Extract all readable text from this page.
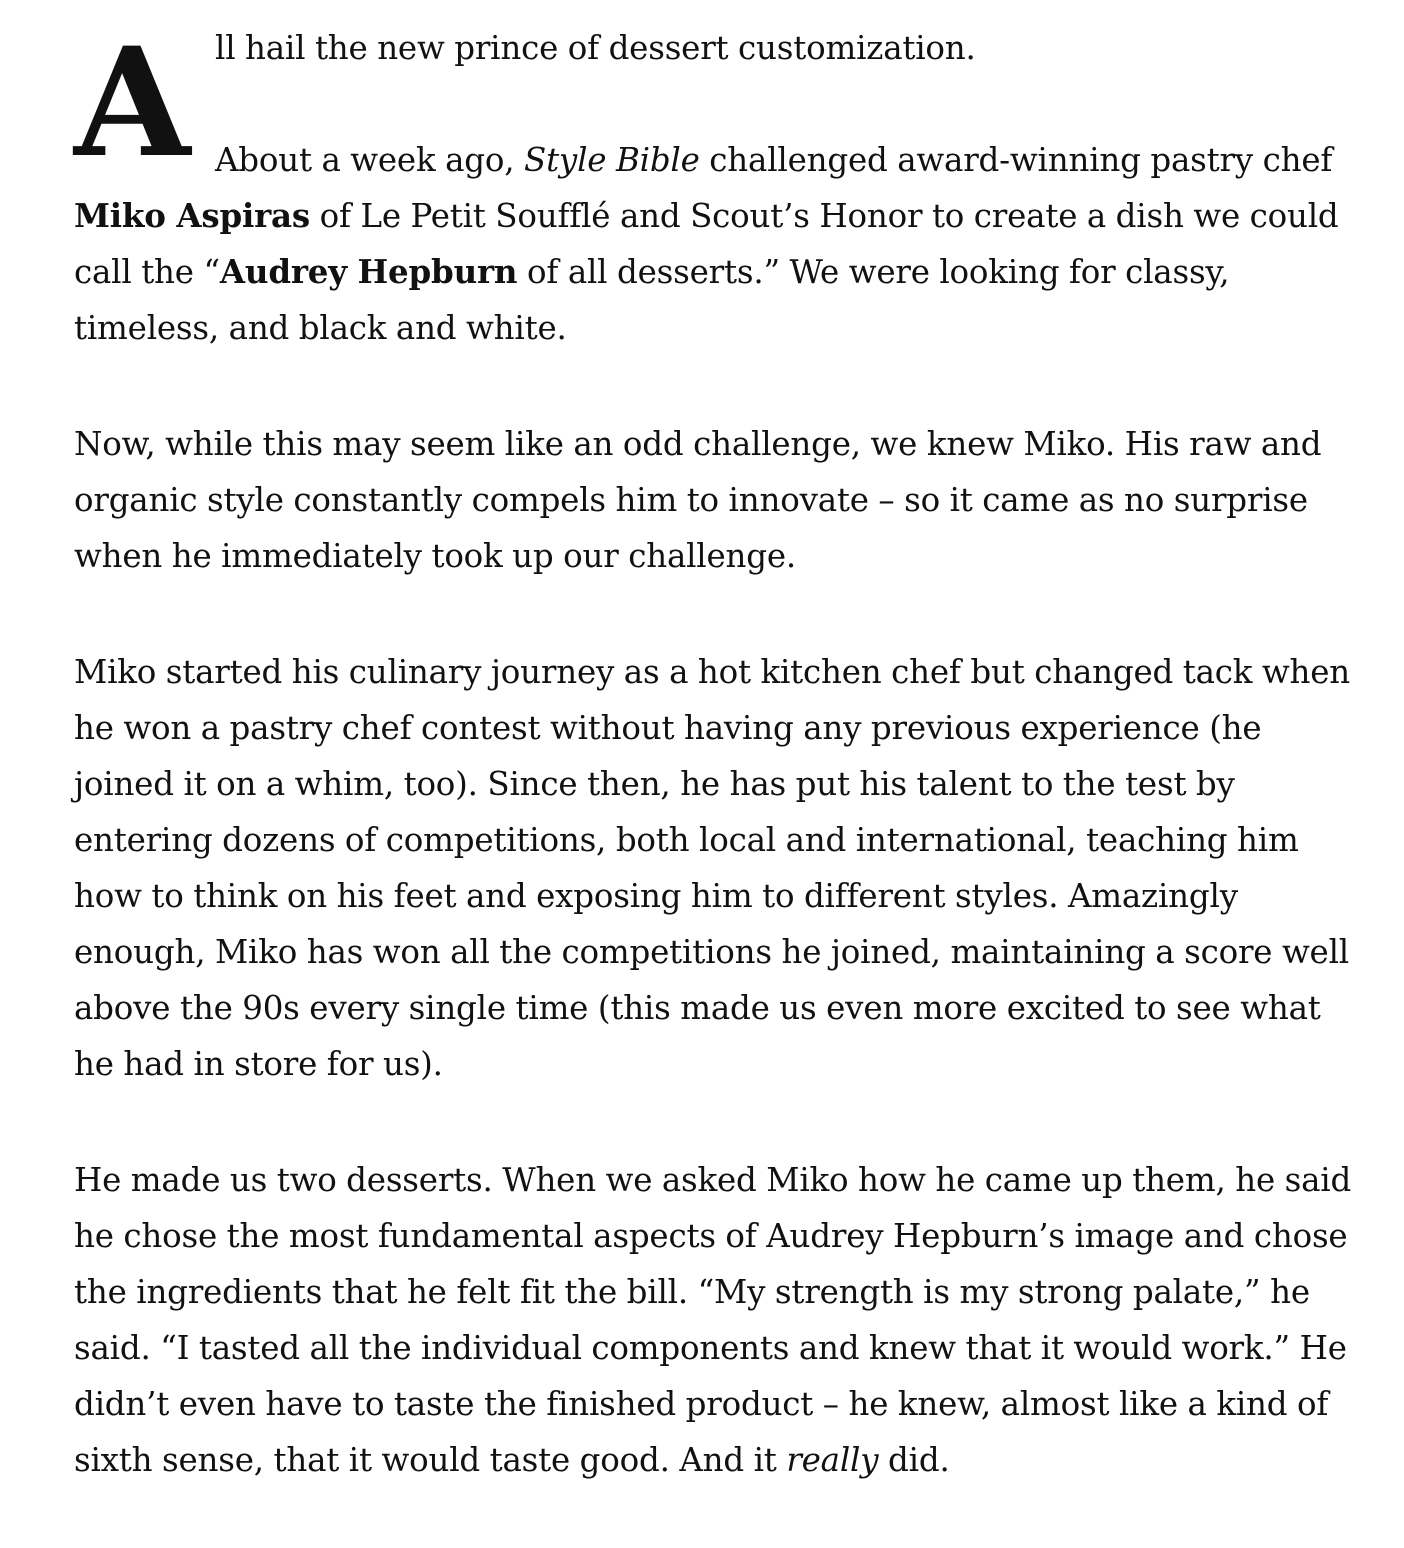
A ll hail the new prince of dessert customization.

About a week ago, Style Bible challenged award-winning pastry chef Miko Aspiras of Le Petit Soufflé and Scout’s Honor to create a dish we could call the “Audrey Hepburn of all desserts.” We were looking for classy, timeless, and black and white.

Now, while this may seem like an odd challenge, we knew Miko. His raw and organic style constantly compels him to innovate – so it came as no surprise when he immediately took up our challenge.

Miko started his culinary journey as a hot kitchen chef but changed tack when he won a pastry chef contest without having any previous experience (he joined it on a whim, too). Since then, he has put his talent to the test by entering dozens of competitions, both local and international, teaching him how to think on his feet and exposing him to different styles. Amazingly enough, Miko has won all the competitions he joined, maintaining a score well above the 90s every single time (this made us even more excited to see what he had in store for us).

He made us two desserts. When we asked Miko how he came up them, he said he chose the most fundamental aspects of Audrey Hepburn’s image and chose the ingredients that he felt fit the bill. “My strength is my strong palate,” he said. “I tasted all the individual components and knew that it would work.” He didn’t even have to taste the finished product – he knew, almost like a kind of sixth sense, that it would taste good. And it really did.
